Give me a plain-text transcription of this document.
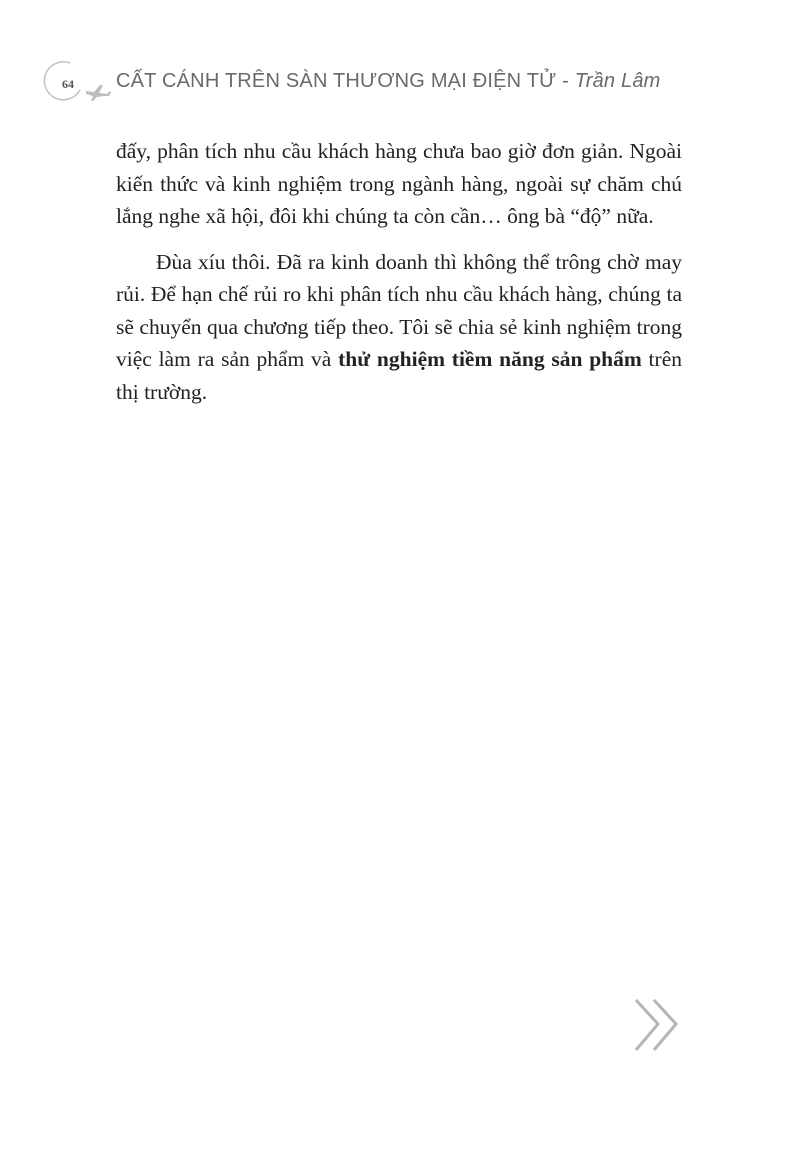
64 CẤT CÁNH TRÊN SÀN THƯƠNG MẠI ĐIỆN TỬ - Trần Lâm

đấy, phân tích nhu cầu khách hàng chưa bao giờ đơn giản. Ngoài kiến thức và kinh nghiệm trong ngành hàng, ngoài sự chăm chú lắng nghe xã hội, đôi khi chúng ta còn cần… ông bà “độ” nữa.

Đùa xíu thôi. Đã ra kinh doanh thì không thể trông chờ may rủi. Để hạn chế rủi ro khi phân tích nhu cầu khách hàng, chúng ta sẽ chuyển qua chương tiếp theo. Tôi sẽ chia sẻ kinh nghiệm trong việc làm ra sản phẩm và thử nghiệm tiềm năng sản phẩm trên thị trường.
